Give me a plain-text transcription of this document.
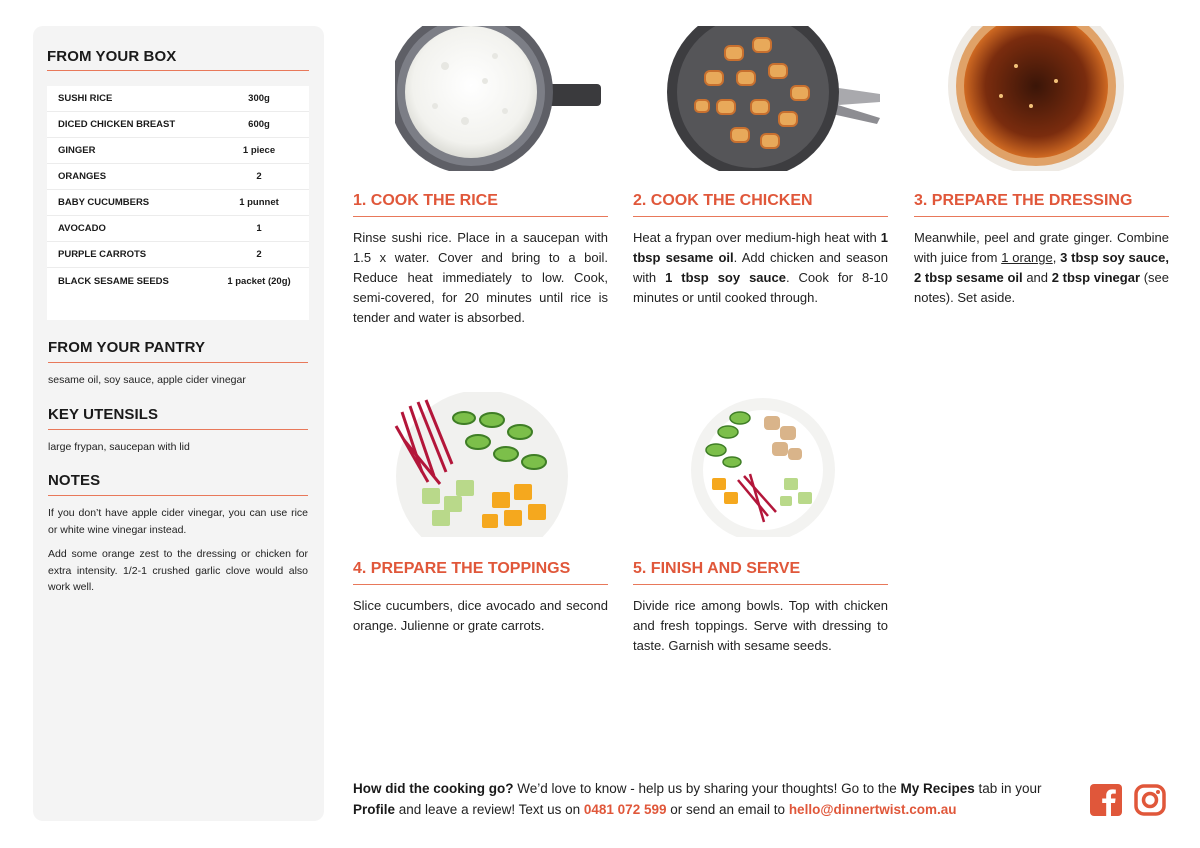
FROM YOUR BOX
SUSHI RICE	300g
DICED CHICKEN BREAST	600g
GINGER	1 piece
ORANGES	2
BABY CUCUMBERS	1 punnet
AVOCADO	1
PURPLE CARROTS	2
BLACK SESAME SEEDS	1 packet (20g)
FROM YOUR PANTRY
sesame oil, soy sauce, apple cider vinegar
KEY UTENSILS
large frypan, saucepan with lid
NOTES

If you don’t have apple cider vinegar, you can use rice or white wine vinegar instead.

Add some orange zest to the dressing or chicken for extra intensity. 1/2-1 crushed garlic clove would also work well.

1. COOK THE RICE
Rinse sushi rice. Place in a saucepan with 1.5 x water. Cover and bring to a boil. Reduce heat immediately to low. Cook, semi-covered, for 20 minutes until rice is tender and water is absorbed.
2. COOK THE CHICKEN
Heat a frypan over medium-high heat with 1 tbsp sesame oil. Add chicken and season with 1 tbsp soy sauce. Cook for 8-10 minutes or until cooked through.
3. PREPARE THE DRESSING
Meanwhile, peel and grate ginger. Combine with juice from 1 orange, 3 tbsp soy sauce, 2 tbsp sesame oil and 2 tbsp vinegar (see notes). Set aside.
4. PREPARE THE TOPPINGS
Slice cucumbers, dice avocado and second orange. Julienne or grate carrots.
5. FINISH AND SERVE
Divide rice among bowls. Top with chicken and fresh toppings. Serve with dressing to taste. Garnish with sesame seeds.
How did the cooking go? We’d love to know - help us by sharing your thoughts! Go to the My Recipes tab in your Profile and leave a review! Text us on 0481 072 599 or send an email to hello@dinnertwist.com.au
